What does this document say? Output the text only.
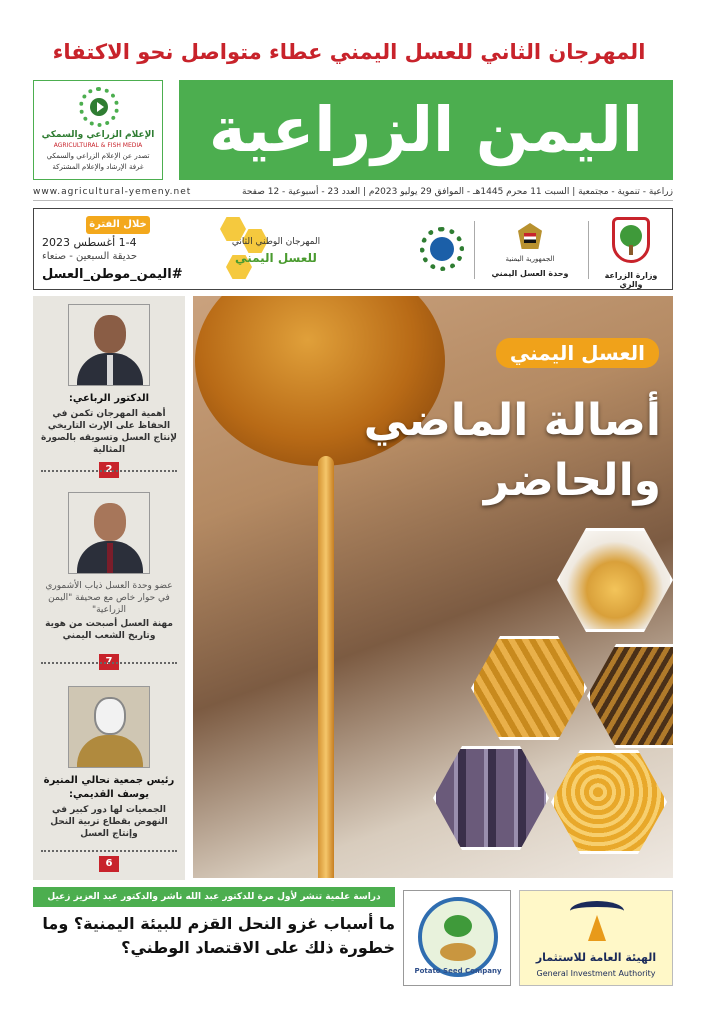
المهرجان الثاني للعسل اليمني عطاء متواصل نحو الاكتفاء
اليمن الزراعية
الإعلام الزراعي والسمكي
AGRICULTURAL & FISH MEDIA
تصدر عن الإعلام الزراعي والسمكي
غرفة الإرشاد والإعلام المشتركة
زراعية - تنموية - مجتمعية | السبت 11 محرم 1445هـ - الموافق 29 يوليو 2023م | العدد 23 - أسبوعية - 12 صفحة
www.agricultural-yemeny.net
خلال الفترة
1-4 أغسطس 2023
حديقة السبعين - صنعاء
#اليمن_موطن_العسل
المهرجان الوطني الثاني
للعسل اليمني	الجمهورية اليمنية
وحدة العسل اليمني	وزارة الزراعة والري
الدكتور الرباعي:
أهمية المهرجان تكمن في الحفاظ على الإرث التاريخي لإنتاج العسل وتسويقه بالصورة المثالية
2
عضو وحدة العسل ذياب الأشموري في حوار خاص مع صحيفة "اليمن الزراعية"
مهنة العسل أصبحت من هوية وتاريخ الشعب اليمني
7
رئيس جمعية نحالي المنيرة يوسف القديمي:
الجمعيات لها دور كبير في النهوض بقطاع تربية النحل وإنتاج العسل
6
العسل اليمني
أصالة الماضي
والحاضر
دراسة علمية تنشر لأول مرة للدكتور عبد الله ناشر والدكتور عبد العزيز زعيل
ما أسباب غزو النحل القزم للبيئة اليمنية؟ وما خطورة ذلك على الاقتصاد الوطني؟
Potato Seed Company
الهيئة العامة للاستثمار
General Investment Authority
